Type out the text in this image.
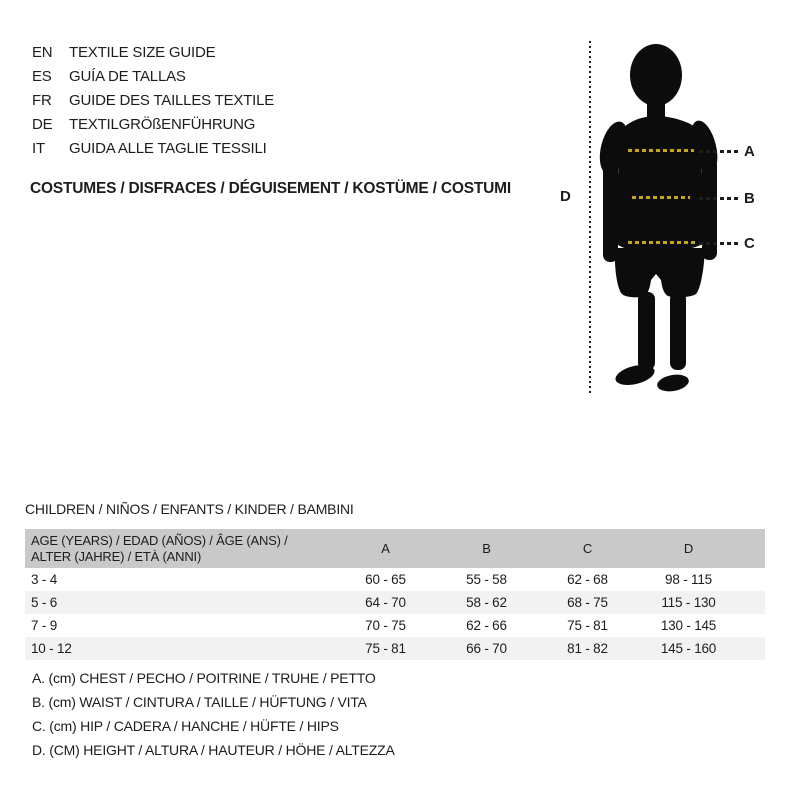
EN	TEXTILE SIZE GUIDE
ES	GUÍA DE TALLAS
FR	GUIDE DES TAILLES TEXTILE
DE	TEXTILGRÖßENFÜHRUNG
IT	GUIDA ALLE TAGLIE TESSILI
COSTUMES / DISFRACES / DÉGUISEMENT / KOSTÜME / COSTUMI	D
A
B
C
CHILDREN / NIÑOS / ENFANTS / KINDER / BAMBINI
AGE (YEARS) / EDAD (AÑOS) / ÂGE (ANS) /
ALTER (JAHRE) / ETÀ (ANNI)	A	B	C	D	
3 - 4	60 - 65	55 - 58	62 - 68	98 - 115	
5 - 6	64 - 70	58 - 62	68 - 75	115 - 130	
7 - 9	70 - 75	62 - 66	75 - 81	130 - 145	
10 - 12	75 - 81	66 - 70	81 - 82	145 - 160	
A. (cm) CHEST / PECHO / POITRINE / TRUHE / PETTO
B. (cm) WAIST / CINTURA / TAILLE / HÜFTUNG / VITA
C. (cm) HIP / CADERA / HANCHE / HÜFTE / HIPS
D. (CM) HEIGHT / ALTURA / HAUTEUR / HÖHE / ALTEZZA
